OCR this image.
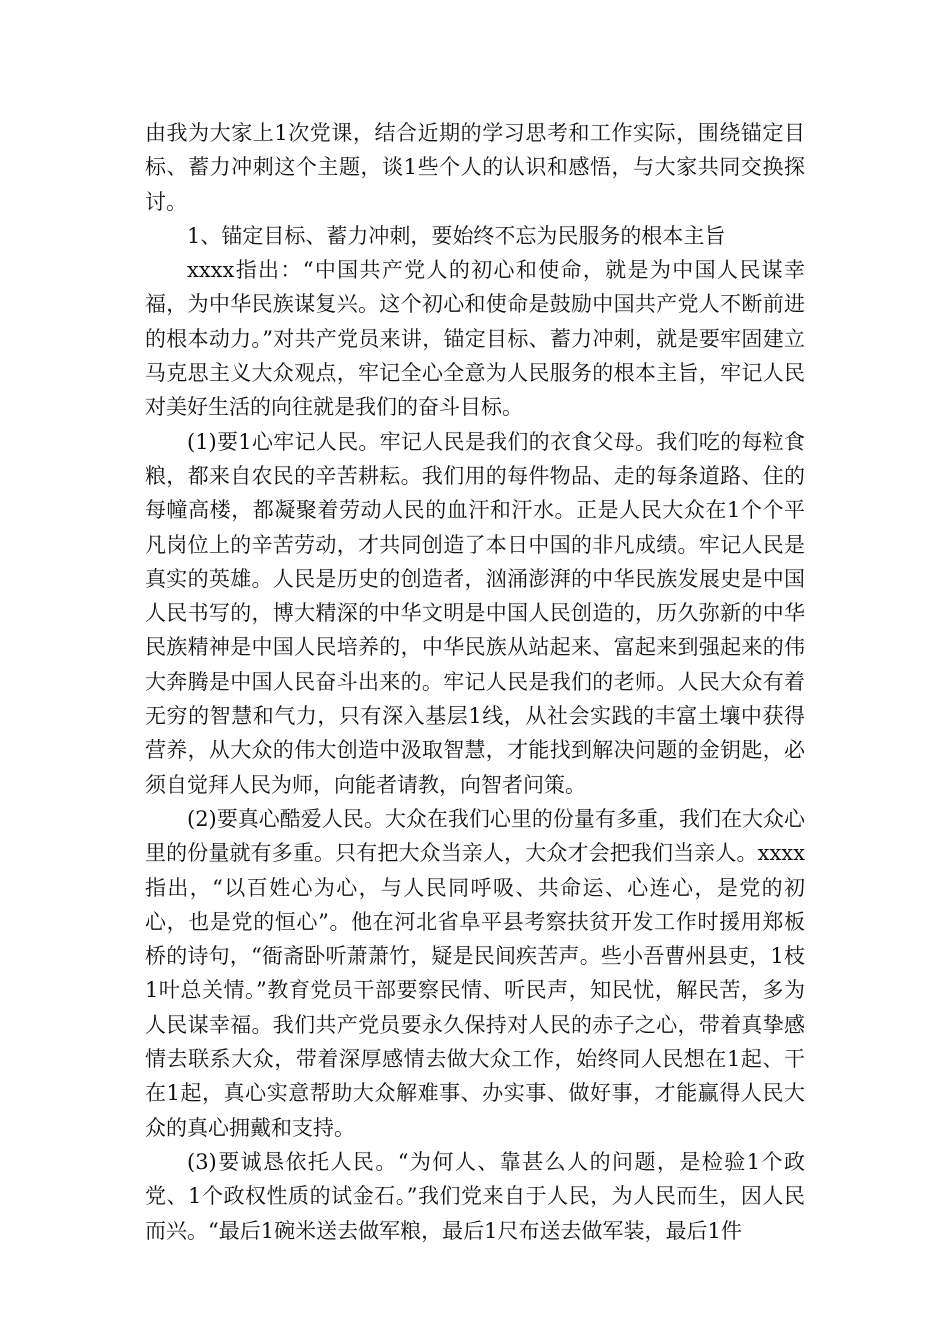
由我为大家上1次党课，结合近期的学习思考和工作实际，围绕锚定目标、蓄力冲刺这个主题，谈1些个人的认识和感悟，与大家共同交换探讨。

1、锚定目标、蓄力冲刺，要始终不忘为民服务的根本主旨

xxxx指出：“中国共产党人的初心和使命，就是为中国人民谋幸福，为中华民族谋复兴。这个初心和使命是鼓励中国共产党人不断前进的根本动力。”对共产党员来讲，锚定目标、蓄力冲刺，就是要牢固建立马克思主义大众观点，牢记全心全意为人民服务的根本主旨，牢记人民对美好生活的向往就是我们的奋斗目标。

(1)要1心牢记人民。牢记人民是我们的衣食父母。我们吃的每粒食粮，都来自农民的辛苦耕耘。我们用的每件物品、走的每条道路、住的每幢高楼，都凝聚着劳动人民的血汗和汗水。正是人民大众在1个个平凡岗位上的辛苦劳动，才共同创造了本日中国的非凡成绩。牢记人民是真实的英雄。人民是历史的创造者，汹涌澎湃的中华民族发展史是中国人民书写的，博大精深的中华文明是中国人民创造的，历久弥新的中华民族精神是中国人民培养的，中华民族从站起来、富起来到强起来的伟大奔腾是中国人民奋斗出来的。牢记人民是我们的老师。人民大众有着无穷的智慧和气力，只有深入基层1线，从社会实践的丰富土壤中获得营养，从大众的伟大创造中汲取智慧，才能找到解决问题的金钥匙，必须自觉拜人民为师，向能者请教，向智者问策。

(2)要真心酷爱人民。大众在我们心里的份量有多重，我们在大众心里的份量就有多重。只有把大众当亲人，大众才会把我们当亲人。xxxx指出，“以百姓心为心，与人民同呼吸、共命运、心连心，是党的初心，也是党的恒心”。他在河北省阜平县考察扶贫开发工作时援用郑板桥的诗句，“衙斋卧听萧萧竹，疑是民间疾苦声。些小吾曹州县吏，1枝1叶总关情。”教育党员干部要察民情、听民声，知民忧，解民苦，多为人民谋幸福。我们共产党员要永久保持对人民的赤子之心，带着真挚感情去联系大众，带着深厚感情去做大众工作，始终同人民想在1起、干在1起，真心实意帮助大众解难事、办实事、做好事，才能赢得人民大众的真心拥戴和支持。

(3)要诚恳依托人民。“为何人、靠甚么人的问题，是检验1个政党、1个政权性质的试金石。”我们党来自于人民，为人民而生，因人民而兴。“最后1碗米送去做军粮，最后1尺布送去做军装，最后1件
